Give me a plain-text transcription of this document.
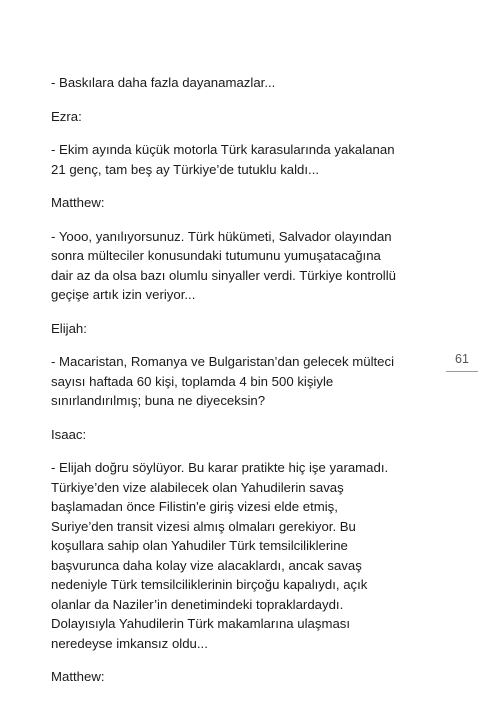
- Baskılara daha fazla dayanamazlar...

Ezra:

- Ekim ayında küçük motorla Türk karasularında yakalanan 21 genç, tam beş ay Türkiye’de tutuklu kaldı...

Matthew:

- Yooo, yanılıyorsunuz. Türk hükümeti, Salvador olayından sonra mülteciler konusundaki tutumunu yumuşatacağına dair az da olsa bazı olumlu sinyaller verdi. Türkiye kontrollü geçişe artık izin veriyor...

Elijah:

- Macaristan, Romanya ve Bulgaristan’dan gelecek mülteci sayısı haftada 60 kişi, toplamda 4 bin 500 kişiyle sınırlandırılmış; buna ne diyeceksin?

Isaac:

- Elijah doğru söylüyor. Bu karar pratikte hiç işe yaramadı. Türkiye’den vize alabilecek olan Yahudilerin savaş başlamadan önce Filistin'e giriş vizesi elde etmiş, Suriye’den transit vizesi almış olmaları gerekiyor. Bu koşullara sahip olan Yahudiler Türk temsilciliklerine başvurunca daha kolay vize alacaklardı, ancak savaş nedeniyle Türk temsilciliklerinin birçoğu kapalıydı, açık olanlar da Naziler’in denetimindeki topraklardaydı. Dolayısıyla Yahudilerin Türk makamlarına ulaşması neredeyse imkansız oldu...

Matthew:

61
